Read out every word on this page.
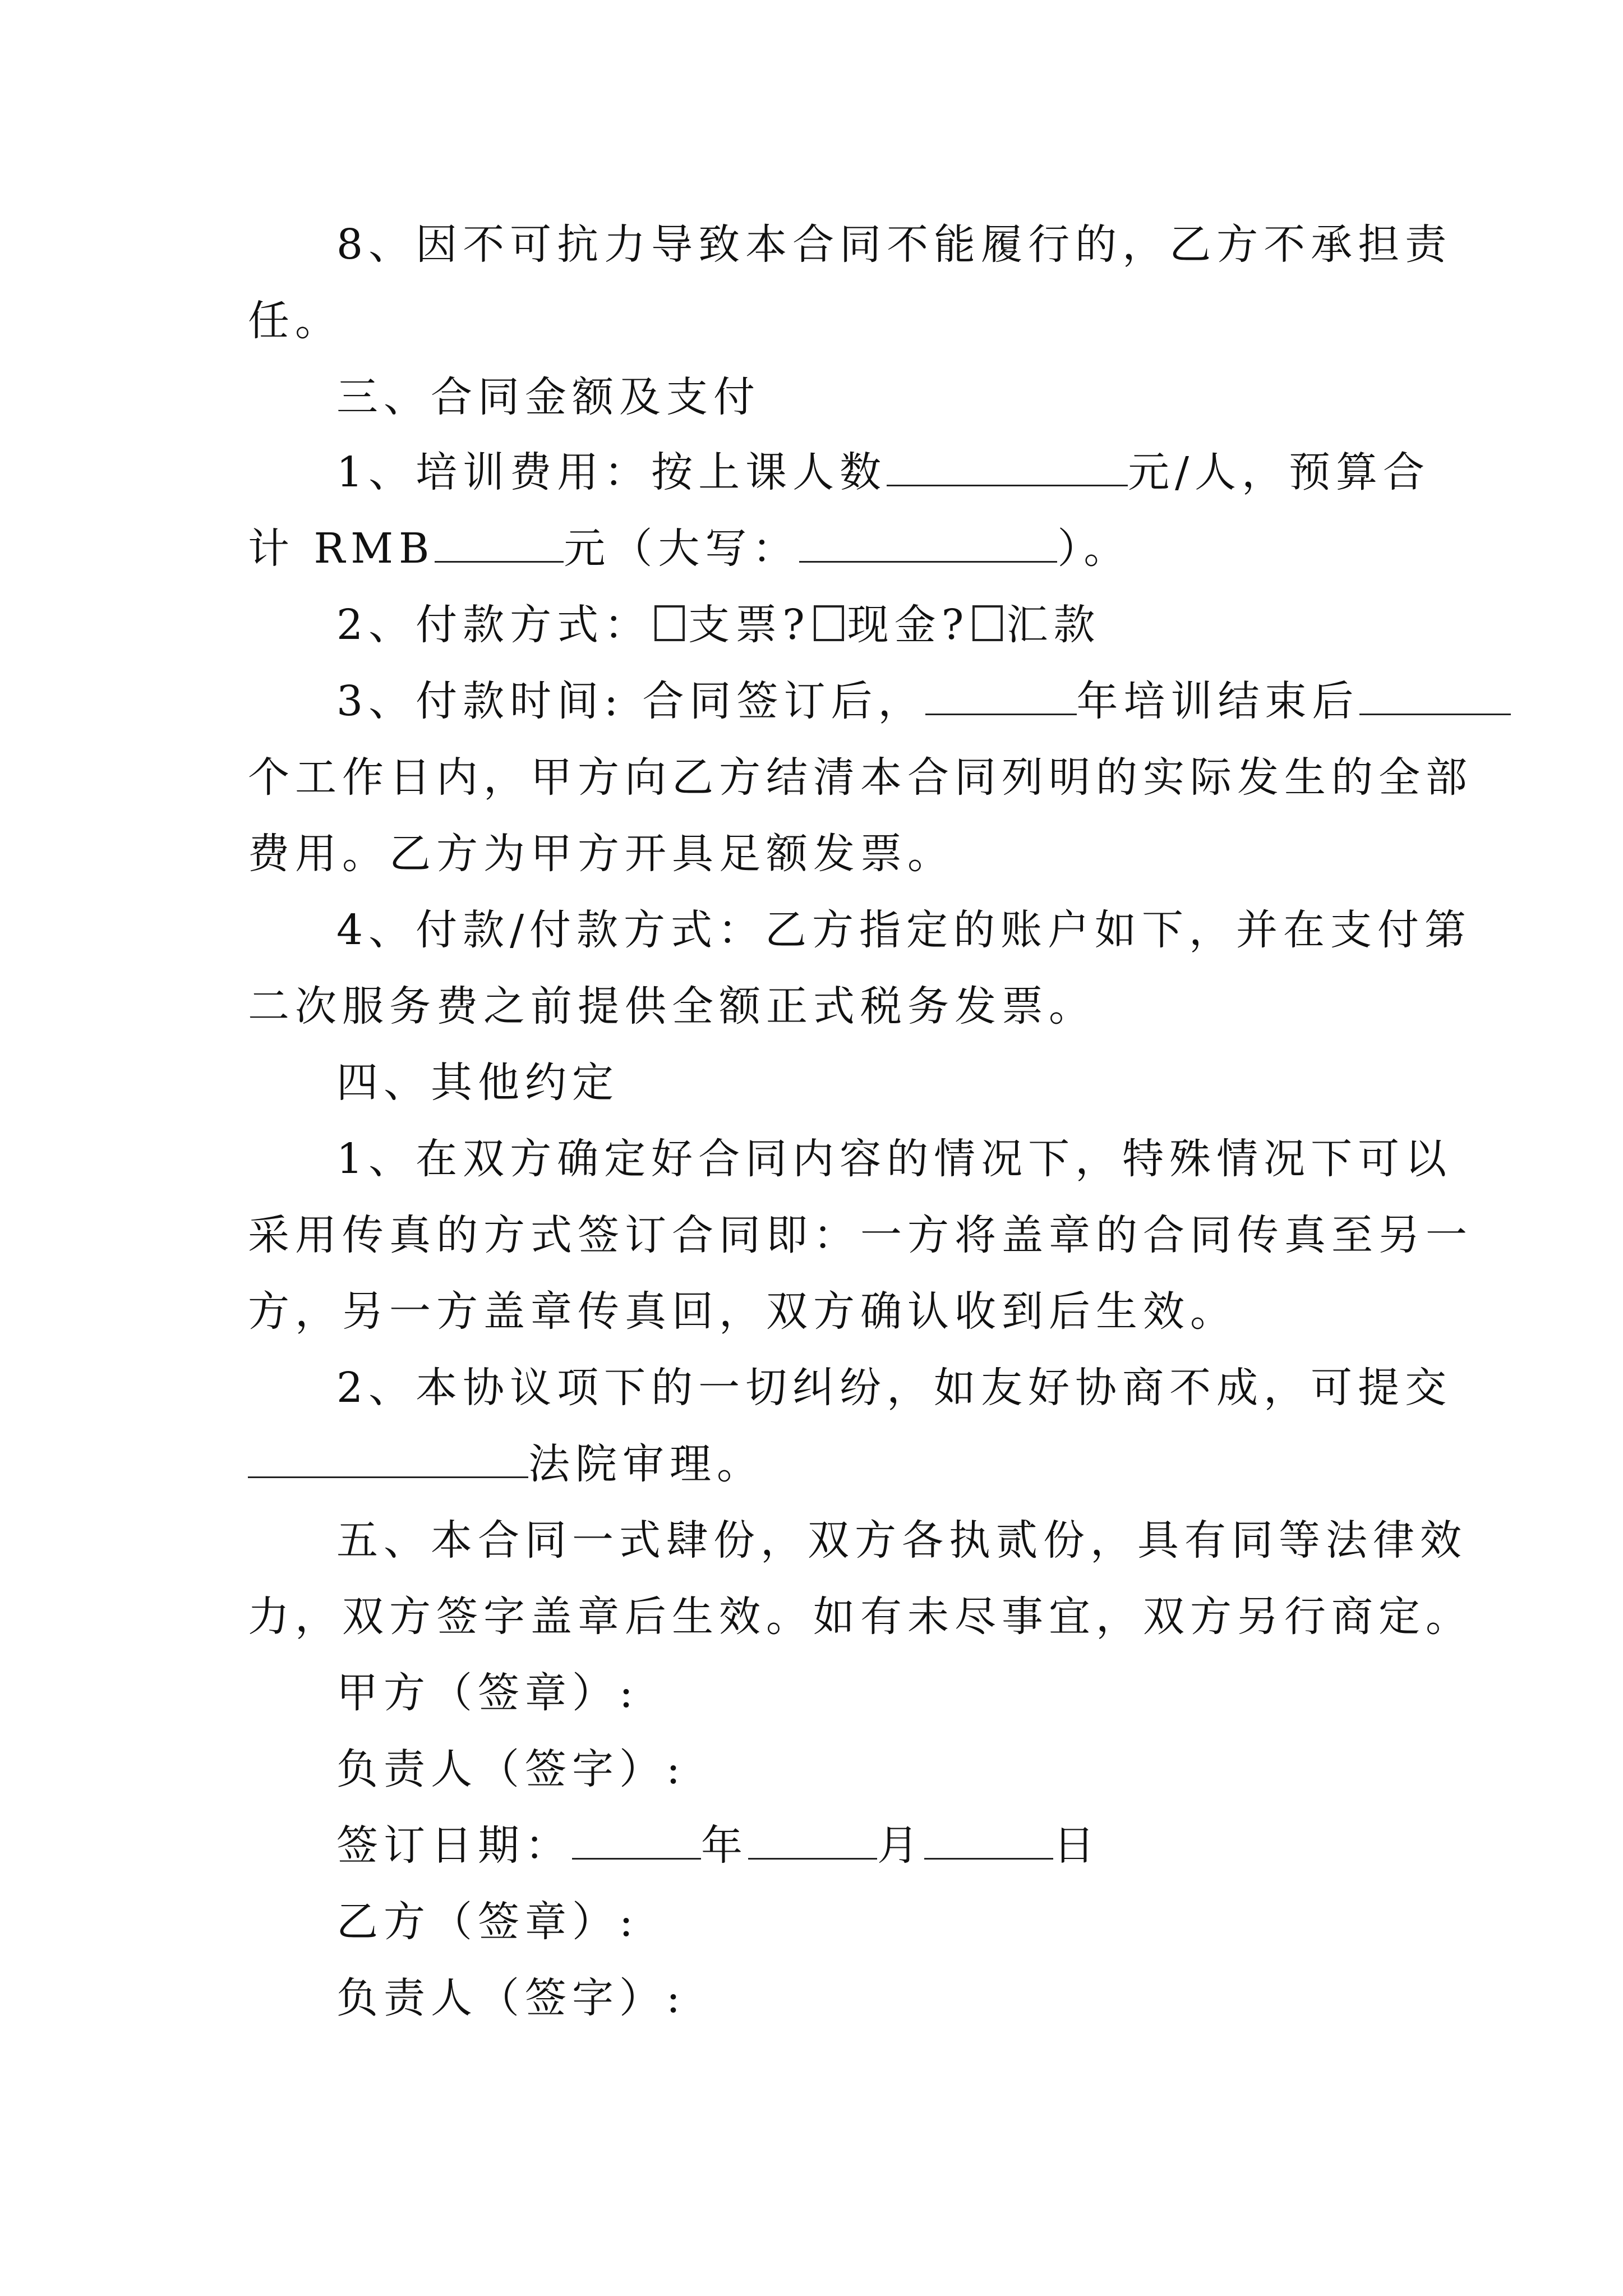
8、因不可抗力导致本合同不能履行的，乙方不承担责
任。
三、合同金额及支付
1、培训费用：按上课人数	元/人，预算合
计 RMB	元（大写：	）。
2、付款方式： 支票? 现金? 汇款
3、付款时间: 合同签订后，	年培训结束后
个工作日内，甲方向乙方结清本合同列明的实际发生的全部
费用。乙方为甲方开具足额发票。
4、付款/付款方式：乙方指定的账户如下，并在支付第
二次服务费之前提供全额正式税务发票。
四、其他约定
1、在双方确定好合同内容的情况下，特殊情况下可以
采用传真的方式签订合同即：一方将盖章的合同传真至另一
方，另一方盖章传真回，双方确认收到后生效。
2、本协议项下的一切纠纷，如友好协商不成，可提交
法院审理。
五、本合同一式肆份，双方各执贰份，具有同等法律效
力，双方签字盖章后生效。如有未尽事宜，双方另行商定。
甲方（签章）:
负责人（签字）:
签订日期：	年	月	日
乙方（签章）:
负责人（签字）:
